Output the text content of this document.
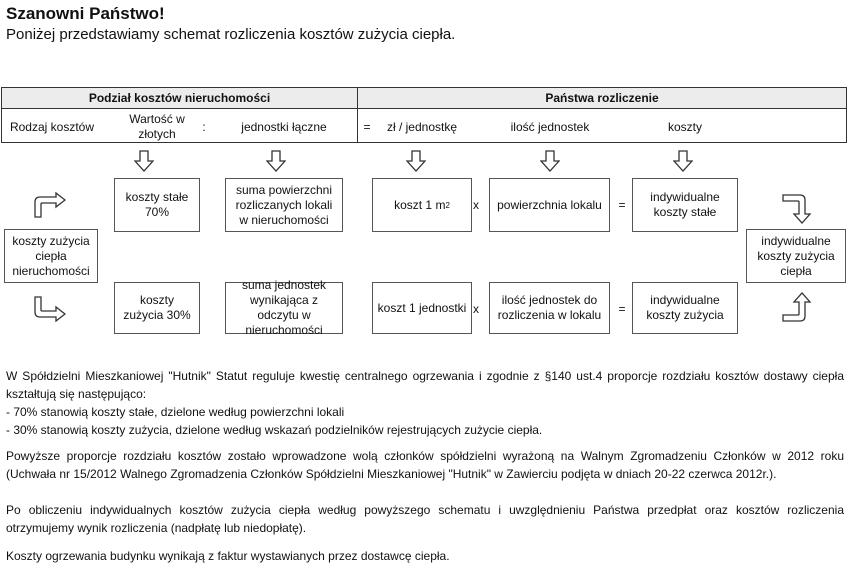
Szanowni Państwo!
Poniżej przedstawiamy schemat rozliczenia kosztów zużycia ciepła.
Podział kosztów nieruchomości	Państwa rozliczenie
Rodzaj kosztów
Wartość w złotych	:	jednostki łączne	=	zł / jednostkę	ilość jednostek	koszty
koszty stałe 70%
suma powierzchni rozliczanych lokali w nieruchomości
koszt 1 m 2	x	powierzchnia lokalu	=
indywidualne koszty stałe
koszty zużycia 30%
suma jednostek wynikająca z odczytu w nieruchomości
koszt 1 jednostki x
ilość jednostek do rozliczenia w lokalu	=
indywidualne koszty zużycia
koszty zużycia ciepła nieruchomości
indywidualne koszty zużycia ciepła

W Spółdzielni Mieszkaniowej "Hutnik" Statut reguluje kwestię centralnego ogrzewania i zgodnie z §140 ust.4 proporcje rozdziału kosztów dostawy ciepła kształtują się następująco:

- 70% stanowią koszty stałe, dzielone według powierzchni lokali

- 30% stanowią koszty zużycia, dzielone według wskazań podzielników rejestrujących zużycie ciepła.

Powyższe proporcje rozdziału kosztów zostało wprowadzone wolą członków spółdzielni wyrażoną na Walnym Zgromadzeniu Członków w 2012 roku (Uchwała nr 15/2012 Walnego Zgromadzenia Członków Spółdzielni Mieszkaniowej "Hutnik" w Zawierciu podjęta w dniach 20-22 czerwca 2012r.).
Po obliczeniu indywidualnych kosztów zużycia ciepła według powyższego schematu i uwzględnieniu Państwa przedpłat oraz kosztów rozliczenia otrzymujemy wynik rozliczenia (nadpłatę lub niedopłatę).
Koszty ogrzewania budynku wynikają z faktur wystawianych przez dostawcę ciepła.
